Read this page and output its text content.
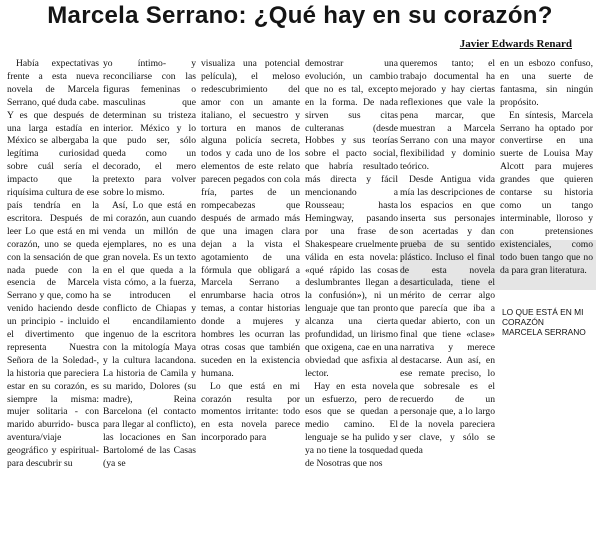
Marcela Serrano: ¿Qué hay en su corazón?
Javier Edwards Renard

Había expectativas frente a esta nueva novela de Marcela Serrano, qué duda cabe. Y es que después de una larga estadía en México se albergaba la legítima curiosidad sobre cuál sería el impacto que la riquísima cultura de ese país tendría en la escritora. Después de leer Lo que está en mi corazón, uno se queda con la sensación de que nada puede con la esencia de Marcela Serrano y que, como ha venido haciendo desde un principio - incluido el divertimento que representa Nuestra Señora de la Soledad-, la historia que pareciera estar en su corazón, es siempre la misma: mujer solitaria - con marido aburrido- busca aventura/viaje geográfico y espiritual- para descubrir su

yo íntimo- y reconciliarse con las figuras femeninas o masculinas que determinan su tristeza interior. México y lo que pudo ser, sólo queda como un decorado, el mero pretexto para volver sobre lo mismo.

Así, Lo que está en mi corazón, aun cuando venda un millón de ejemplares, no es una gran novela. Es un texto en el que queda a la vista cómo, a la fuerza, se introducen el conflicto de Chiapas y el encandilamiento ingenuo de la escritora con la mitología Maya y la cultura lacandona. La historia de Camila y su marido, Dolores (su madre), Reina Barcelona (el contacto para llegar al conflicto), las locaciones en San Bartolomé de las Casas (ya se

visualiza una potencial película), el meloso redescubrimiento del amor con un amante italiano, el secuestro y tortura en manos de alguna policía secreta, todos y cada uno de los elementos de este relato parecen pegados con cola fría, partes de un rompecabezas que después de armado más que una imagen clara dejan a la vista el agotamiento de una fórmula que obligará a Marcela Serrano a enrumbarse hacia otros temas, a contar historias donde a mujeres y hombres les ocurran las otras cosas que también suceden en la existencia humana.

Lo que está en mi corazón resulta por momentos irritante: todo en esta novela parece incorporado para

demostrar una evolución, un cambio que no es tal, excepto en la forma. De nada sirven sus citas culteranas (desde Hobbes y sus teorías sobre el pacto social, que habría resultado más directa y fácil mencionando a Rousseau; hasta Hemingway, pasando por una frase de Shakespeare cruelmente válida en esta novela: «qué rápido las cosas deslumbrantes llegan a la confusión»), ni un lenguaje que tan pronto alcanza una cierta profundidad, un lirismo que oxigena, cae en una obviedad que asfixia al lector.

Hay en esta novela un esfuerzo, pero de esos que se quedan a medio camino. El lenguaje se ha pulido y ya no tiene la tosquedad de Nosotras que nos

queremos tanto; el trabajo documental ha mejorado y hay ciertas reflexiones que vale la pena marcar, que muestran a Marcela Serrano con una mayor flexibilidad y dominio teórico.

Desde Antigua vida mía las descripciones de los espacios en que inserta sus personajes son acertadas y dan prueba de su sentido plástico. Incluso el final de esta novela desarticulada, tiene el mérito de cerrar algo que parecía que iba a quedar abierto, con un final que tiene «clase» narrativa y merece destacarse. Aun así, en ese remate preciso, lo que sobresale es el recuerdo de un personaje que, a lo largo de la novela pareciera ser clave, y sólo se queda

en un esbozo confuso, en una suerte de fantasma, sin ningún propósito.

En síntesis, Marcela Serrano ha optado por convertirse en una suerte de Louisa May Alcott para mujeres grandes que quieren contarse su historia como un tango interminable, lloroso y con pretensiones existenciales, como todo buen tango que no da para gran literatura.

LO QUE ESTÁ EN MI CORAZÓN
MARCELA SERRANO
